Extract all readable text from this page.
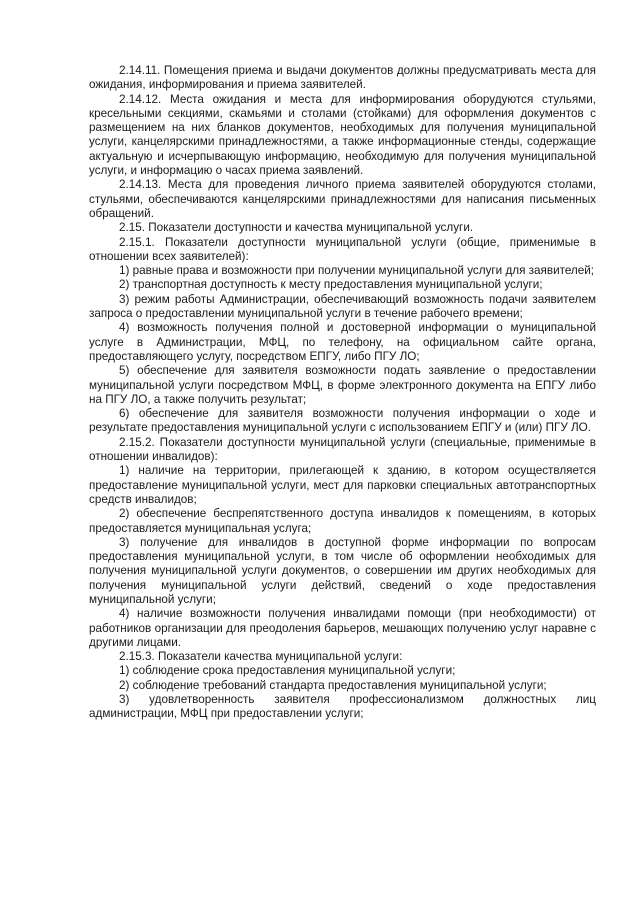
2.14.11. Помещения приема и выдачи документов должны предусматривать места для ожидания, информирования и приема заявителей.

2.14.12. Места ожидания и места для информирования оборудуются стульями, кресельными секциями, скамьями и столами (стойками) для оформления документов с размещением на них бланков документов, необходимых для получения муниципальной услуги, канцелярскими принадлежностями, а также информационные стенды, содержащие актуальную и исчерпывающую информацию, необходимую для получения муниципальной услуги, и информацию о часах приема заявлений.

2.14.13. Места для проведения личного приема заявителей оборудуются столами, стульями, обеспечиваются канцелярскими принадлежностями для написания письменных обращений.

2.15. Показатели доступности и качества муниципальной услуги.

2.15.1. Показатели доступности муниципальной услуги (общие, применимые в отношении всех заявителей):

1) равные права и возможности при получении муниципальной услуги для заявителей;

2) транспортная доступность к месту предоставления муниципальной услуги;

3) режим работы Администрации, обеспечивающий возможность подачи заявителем запроса о предоставлении муниципальной услуги в течение рабочего времени;

4) возможность получения полной и достоверной информации о муниципальной услуге в Администрации, МФЦ, по телефону, на официальном сайте органа, предоставляющего услугу, посредством ЕПГУ, либо ПГУ ЛО;

5) обеспечение для заявителя возможности подать заявление о предоставлении муниципальной услуги посредством МФЦ, в форме электронного документа на ЕПГУ либо на ПГУ ЛО, а также получить результат;

6) обеспечение для заявителя возможности получения информации о ходе и результате предоставления муниципальной услуги с использованием ЕПГУ и (или) ПГУ ЛО.

2.15.2. Показатели доступности муниципальной услуги (специальные, применимые в отношении инвалидов):

1) наличие на территории, прилегающей к зданию, в котором осуществляется предоставление муниципальной услуги, мест для парковки специальных автотранспортных средств инвалидов;

2) обеспечение беспрепятственного доступа инвалидов к помещениям, в которых предоставляется муниципальная услуга;

3) получение для инвалидов в доступной форме информации по вопросам предоставления муниципальной услуги, в том числе об оформлении необходимых для получения муниципальной услуги документов, о совершении им других необходимых для получения муниципальной услуги действий, сведений о ходе предоставления муниципальной услуги;

4) наличие возможности получения инвалидами помощи (при необходимости) от работников организации для преодоления барьеров, мешающих получению услуг наравне с другими лицами.

2.15.3. Показатели качества муниципальной услуги:

1) соблюдение срока предоставления муниципальной услуги;

2) соблюдение требований стандарта предоставления муниципальной услуги;

3) удовлетворенность заявителя профессионализмом должностных лиц администрации, МФЦ при предоставлении услуги;
